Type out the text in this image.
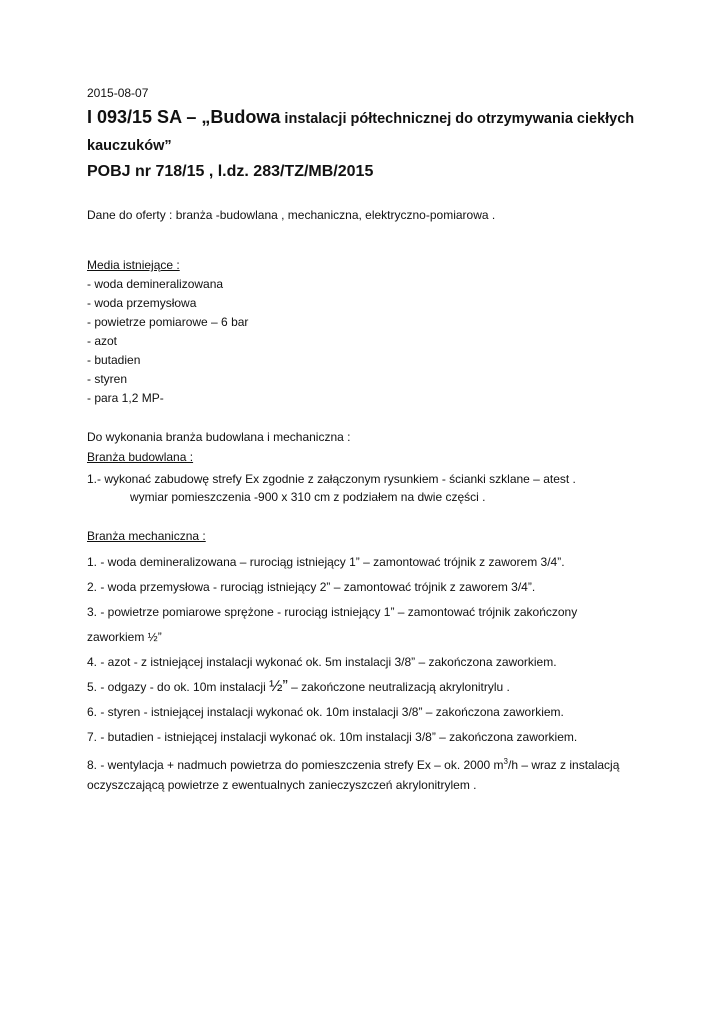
2015-08-07
I 093/15 SA – „Budowa instalacji półtechnicznej do otrzymywania ciekłych
kauczuków”
POBJ nr 718/15 , l.dz. 283/TZ/MB/2015
Dane do oferty : branża -budowlana , mechaniczna, elektryczno-pomiarowa .
Media istniejące :
- woda demineralizowana
- woda przemysłowa
- powietrze pomiarowe – 6 bar
- azot
- butadien
- styren
- para 1,2 MP-
Do wykonania branża budowlana i mechaniczna :
Branża budowlana :
1.- wykonać zabudowę strefy Ex zgodnie z załączonym rysunkiem - ścianki szklane – atest .
wymiar pomieszczenia -900 x 310 cm z podziałem na dwie części .
Branża mechaniczna :
1. - woda demineralizowana – rurociąg istniejący 1” – zamontować trójnik z zaworem 3/4”.
2. - woda przemysłowa - rurociąg istniejący 2” – zamontować trójnik z zaworem 3/4”.
3. - powietrze pomiarowe sprężone - rurociąg istniejący 1” – zamontować trójnik zakończony
zaworkiem ½”
4. - azot - z istniejącej instalacji wykonać ok. 5m instalacji 3/8” – zakończona zaworkiem.
5. - odgazy - do ok. 10m instalacji ½” – zakończone neutralizacją akrylonitrylu .
6. - styren - istniejącej instalacji wykonać ok. 10m instalacji 3/8” – zakończona zaworkiem.
7. - butadien - istniejącej instalacji wykonać ok. 10m instalacji 3/8” – zakończona zaworkiem.
8. - wentylacja + nadmuch powietrza do pomieszczenia strefy Ex – ok. 2000 $m^3/h$ – wraz z instalacją
oczyszczającą powietrze z ewentualnych zanieczyszczeń akrylonitrylem .
